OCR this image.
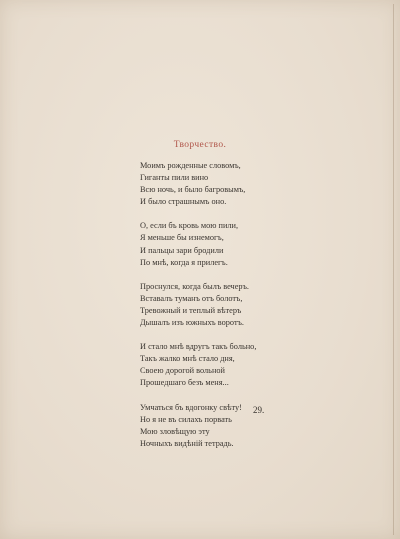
Творчество.
Моимъ рожденные словомъ,
Гиганты пили вино
Всю ночь, и было багровымъ,
И было страшнымъ оно.
О, если бъ кровь мою пили,
Я меньше бы изнемогъ,
И пальцы зари бродили
По мнѣ, когда я прилегъ.
Проснулся, когда былъ вечеръ.
Вставалъ туманъ отъ болотъ,
Тревожный и теплый вѣтеръ
Дышалъ изъ южныхъ воротъ.
И стало мнѣ вдругъ такъ больно,
Такъ жалко мнѣ стало дня,
Своею дорогой вольной
Прошедшаго безъ меня...
Умчаться бъ вдогонку свѣту!
Но я не въ силахъ порвать
Мою зловѣщую эту
Ночныхъ видѣній тетрадь.
29.
